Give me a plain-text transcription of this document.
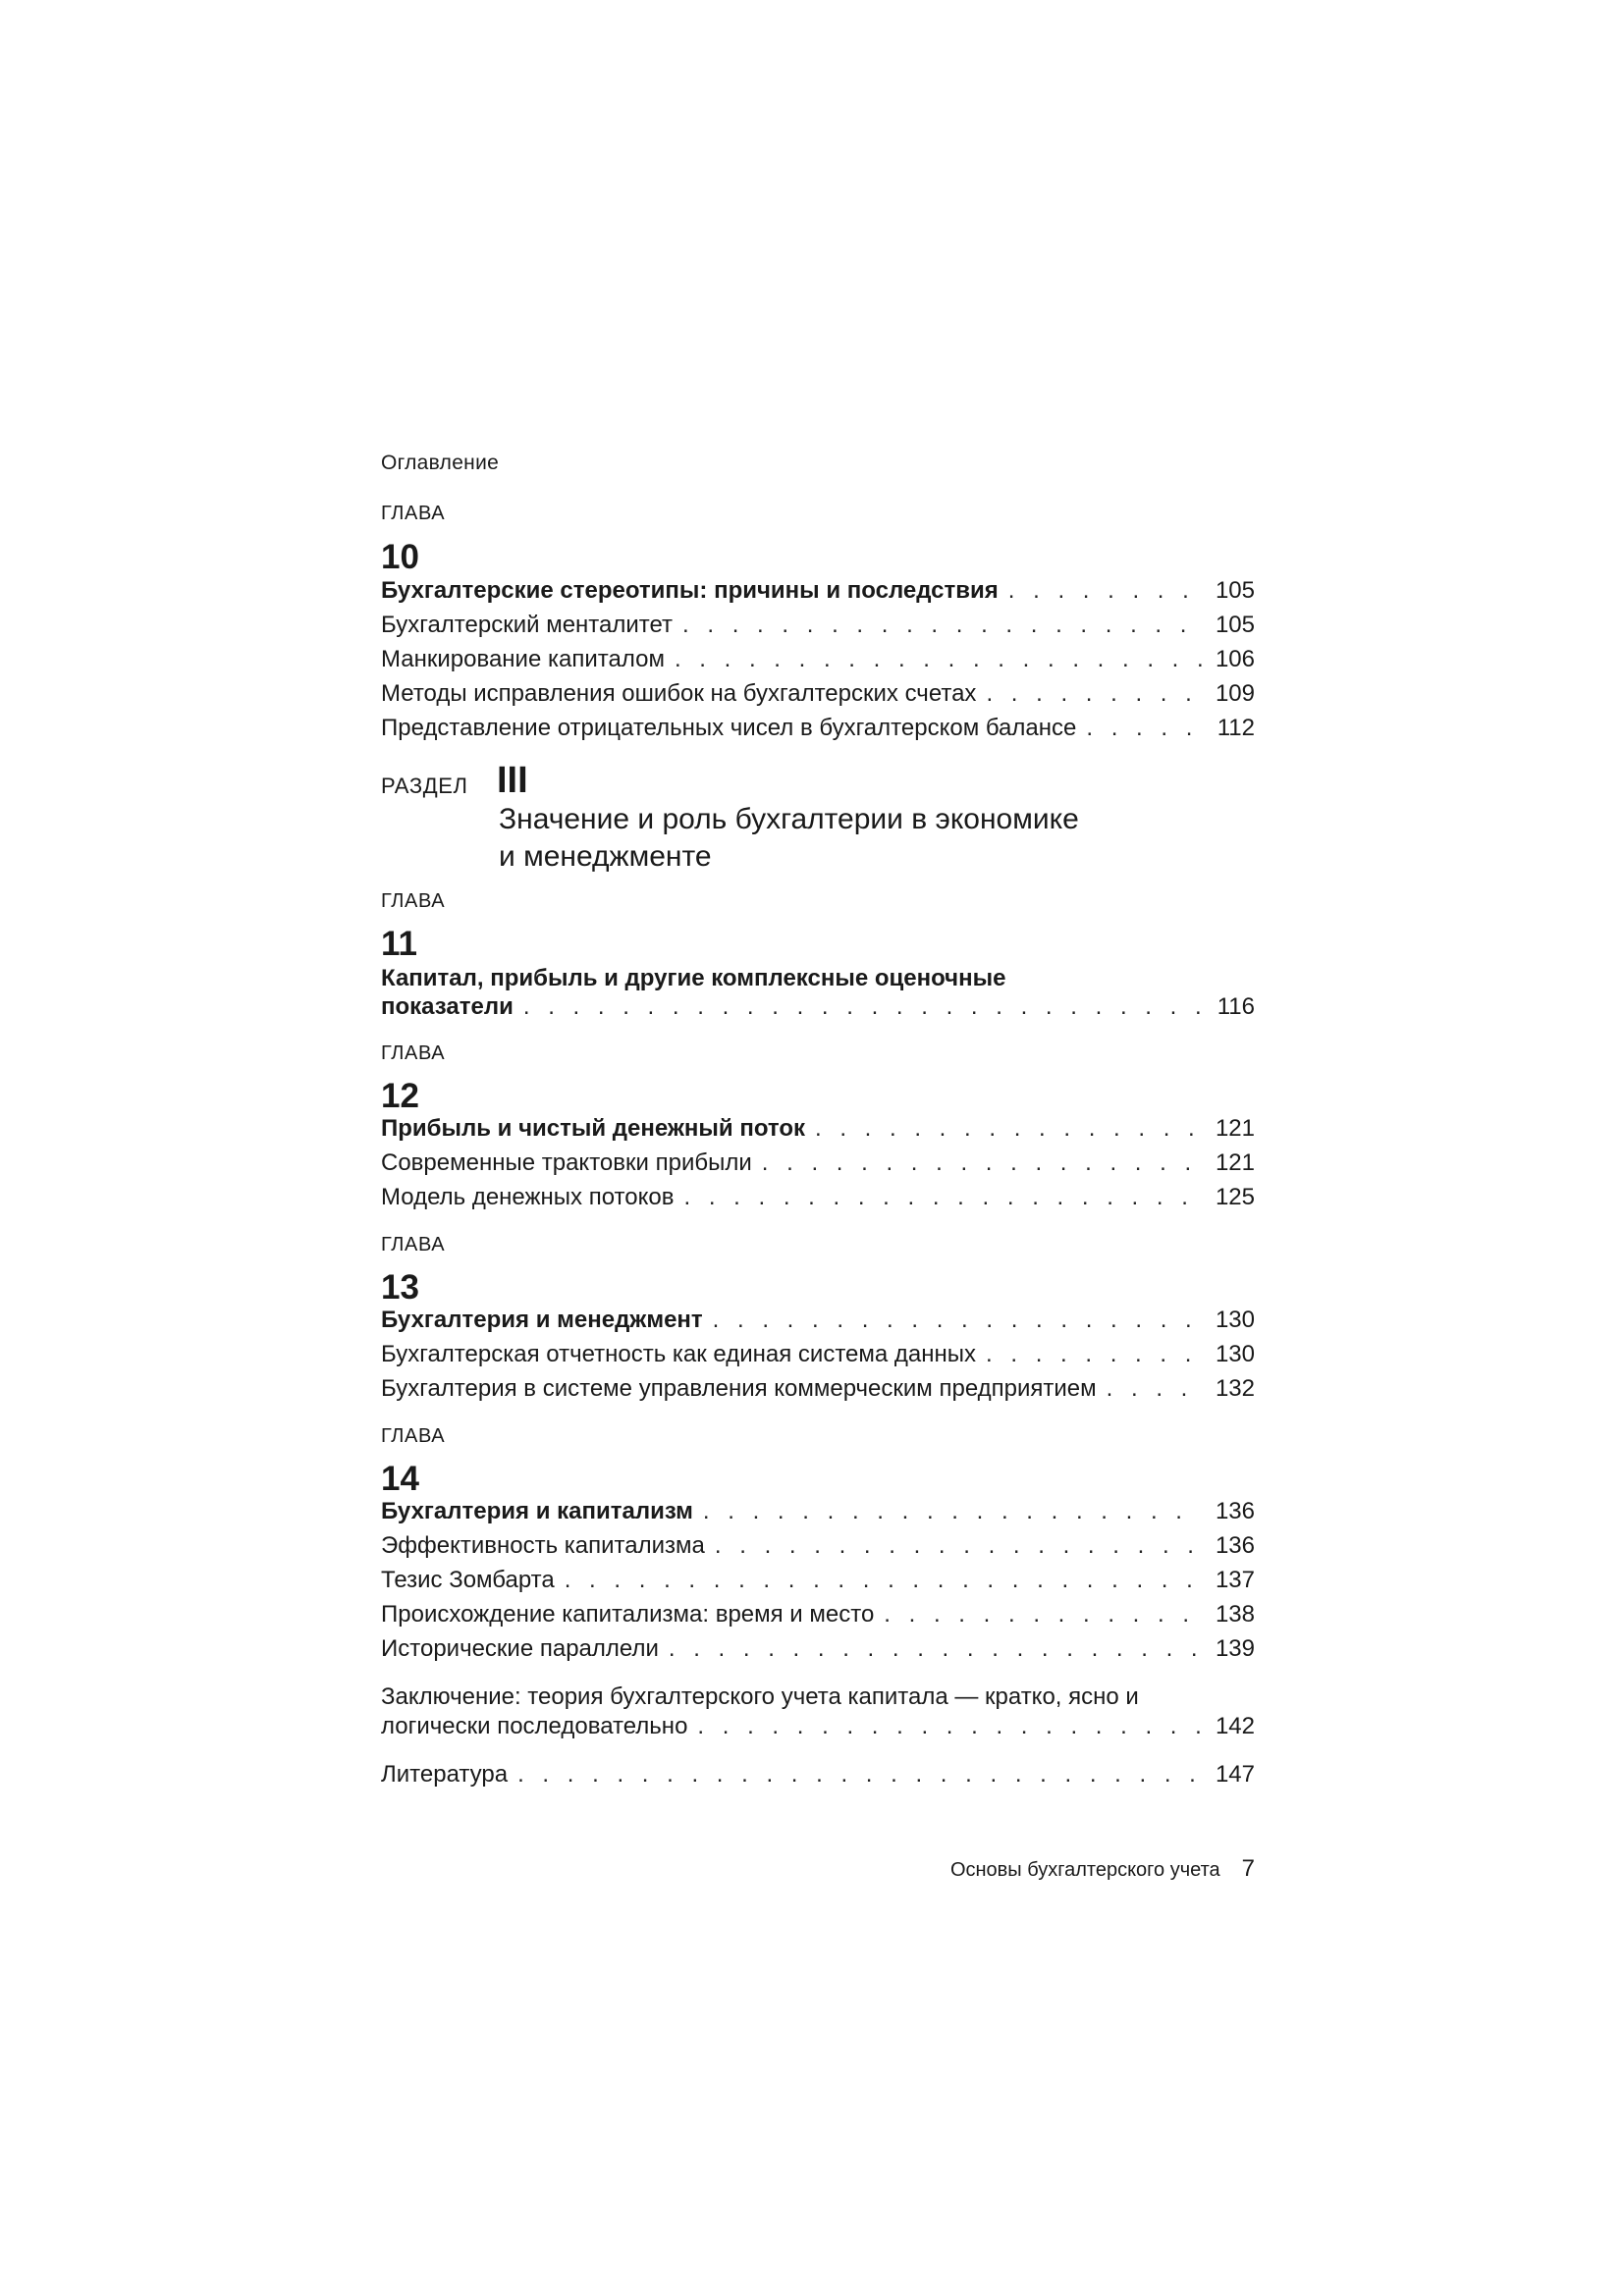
Оглавление
ГЛАВА
10
Бухгалтерские стереотипы: причины и последствия . . .	105
Бухгалтерский менталитет . . .	105
Манкирование капиталом . . .	106
Методы исправления ошибок на бухгалтерских счетах . . .	109
Представление отрицательных чисел в бухгалтерском балансе . . .	112
РАЗДЕЛ III
Значение и роль бухгалтерии в экономике
и менеджменте
ГЛАВА
11
Капитал, прибыль и другие комплексные оценочные
показатели . . .	116
ГЛАВА
12
Прибыль и чистый денежный поток . . .	121
Современные трактовки прибыли . . .	121
Модель денежных потоков . . .	125
ГЛАВА
13
Бухгалтерия и менеджмент . . .	130
Бухгалтерская отчетность как единая система данных . . .	130
Бухгалтерия в системе управления коммерческим предприятием . . .	132
ГЛАВА
14
Бухгалтерия и капитализм . . .	136
Эффективность капитализма . . .	136
Тезис Зомбарта . . .	137
Происхождение капитализма: время и место . . .	138
Исторические параллели . . .	139
Заключение: теория бухгалтерского учета капитала — кратко, ясно и
логически последовательно . . .	142
Литература . . .	147
Основы бухгалтерского учета 7
